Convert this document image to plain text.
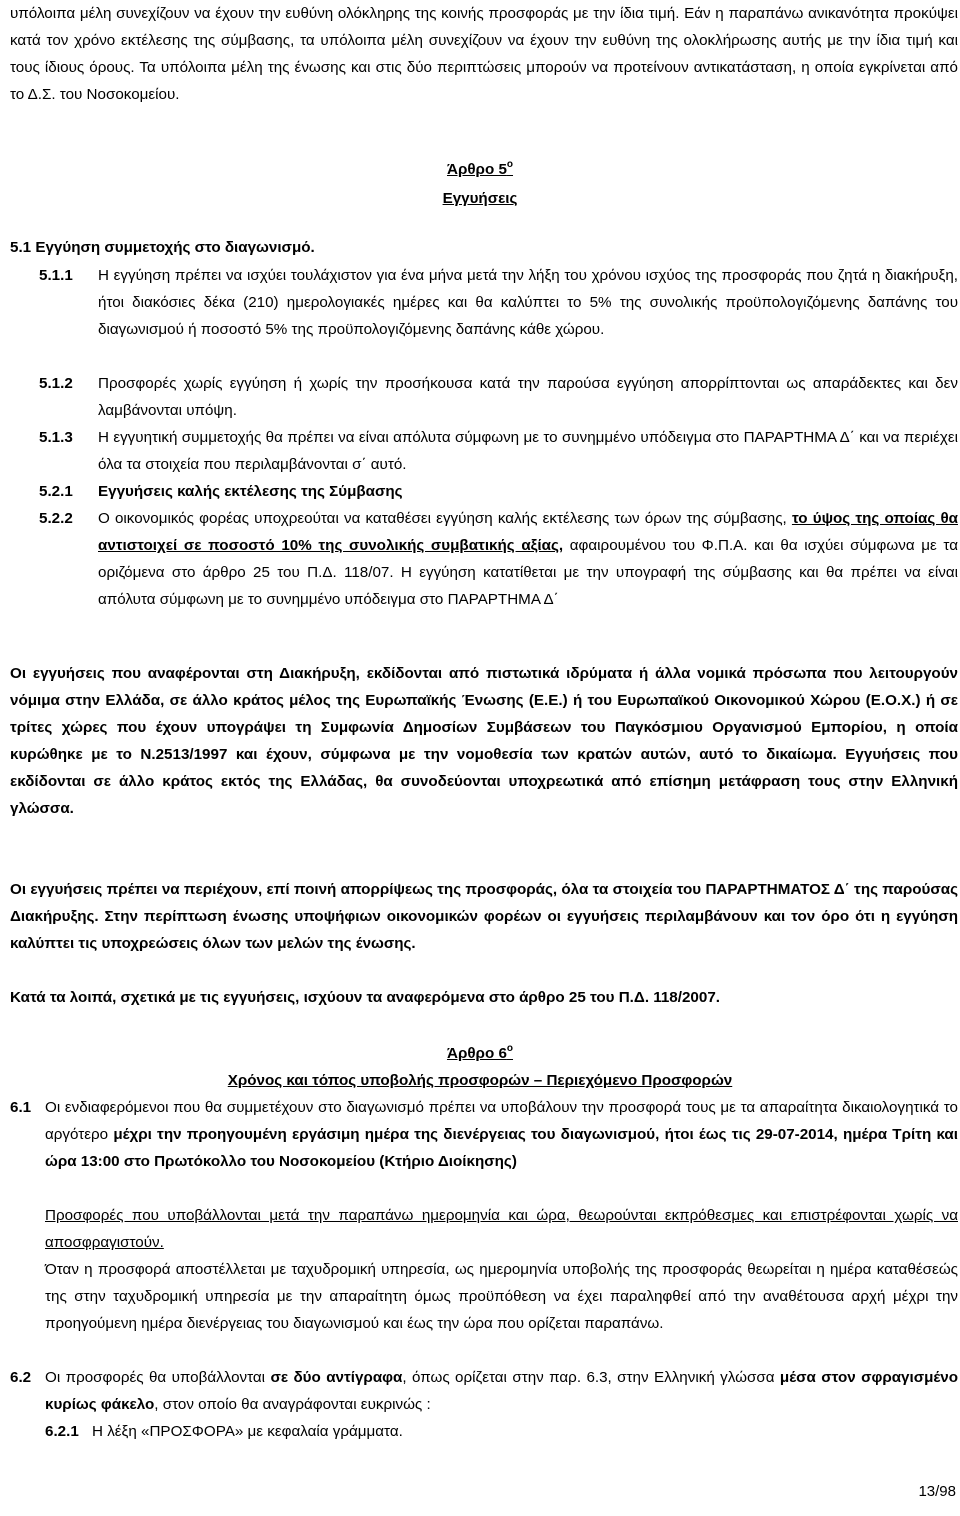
υπόλοιπα μέλη συνεχίζουν να έχουν την ευθύνη ολόκληρης της κοινής προσφοράς με την ίδια τιμή. Εάν η παραπάνω ανικανότητα προκύψει κατά τον χρόνο εκτέλεσης της σύμβασης, τα υπόλοιπα μέλη συνεχίζουν να έχουν την ευθύνη της ολοκλήρωσης αυτής με την ίδια τιμή και τους ίδιους όρους. Τα υπόλοιπα μέλη της ένωσης και στις δύο περιπτώσεις μπορούν να προτείνουν αντικατάσταση, η οποία εγκρίνεται από το Δ.Σ. του Νοσοκομείου.
Άρθρο $5^o$
Εγγυήσεις
5.1 Εγγύηση συμμετοχής στο διαγωνισμό.
5.1.1 Η εγγύηση πρέπει να ισχύει τουλάχιστον για ένα μήνα μετά την λήξη του χρόνου ισχύος της προσφοράς που ζητά η διακήρυξη, ήτοι διακόσιες δέκα (210) ημερολογιακές ημέρες και θα καλύπτει το 5% της συνολικής προϋπολογιζόμενης δαπάνης του διαγωνισμού ή ποσοστό 5% της προϋπολογιζόμενης δαπάνης κάθε χώρου.
5.1.2 Προσφορές χωρίς εγγύηση ή χωρίς την προσήκουσα κατά την παρούσα εγγύηση απορρίπτονται ως απαράδεκτες και δεν λαμβάνονται υπόψη.
5.1.3 Η εγγυητική συμμετοχής θα πρέπει να είναι απόλυτα σύμφωνη με το συνημμένο υπόδειγμα στο ΠΑΡΑΡΤΗΜΑ Δ΄ και να περιέχει όλα τα στοιχεία που περιλαμβάνονται σ΄ αυτό.
5.2.1 Εγγυήσεις καλής εκτέλεσης της Σύμβασης
5.2.2 Ο οικονομικός φορέας υποχρεούται να καταθέσει εγγύηση καλής εκτέλεσης των όρων της σύμβασης, το ύψος της οποίας θα αντιστοιχεί σε ποσοστό 10% της συνολικής συμβατικής αξίας, αφαιρουμένου του Φ.Π.Α. και θα ισχύει σύμφωνα με τα οριζόμενα στο άρθρο 25 του Π.Δ. 118/07. Η εγγύηση κατατίθεται με την υπογραφή της σύμβασης και θα πρέπει να είναι απόλυτα σύμφωνη με το συνημμένο υπόδειγμα στο ΠΑΡΑΡΤΗΜΑ Δ΄
Οι εγγυήσεις που αναφέρονται στη Διακήρυξη, εκδίδονται από πιστωτικά ιδρύματα ή άλλα νομικά πρόσωπα που λειτουργούν νόμιμα στην Ελλάδα, σε άλλο κράτος μέλος της Ευρωπαϊκής Ένωσης (Ε.Ε.) ή του Ευρωπαϊκού Οικονομικού Χώρου (Ε.Ο.Χ.) ή σε τρίτες χώρες που έχουν υπογράψει τη Συμφωνία Δημοσίων Συμβάσεων του Παγκόσμιου Οργανισμού Εμπορίου, η οποία κυρώθηκε με το Ν.2513/1997 και έχουν, σύμφωνα με την νομοθεσία των κρατών αυτών, αυτό το δικαίωμα. Εγγυήσεις που εκδίδονται σε άλλο κράτος εκτός της Ελλάδας, θα συνοδεύονται υποχρεωτικά από επίσημη μετάφραση τους στην Ελληνική γλώσσα.
Οι εγγυήσεις πρέπει να περιέχουν, επί ποινή απορρίψεως της προσφοράς, όλα τα στοιχεία του ΠΑΡΑΡΤΗΜΑΤΟΣ Δ΄ της παρούσας Διακήρυξης. Στην περίπτωση ένωσης υποψήφιων οικονομικών φορέων οι εγγυήσεις περιλαμβάνουν και τον όρο ότι η εγγύηση καλύπτει τις υποχρεώσεις όλων των μελών της ένωσης.
Κατά τα λοιπά, σχετικά με τις εγγυήσεις, ισχύουν τα αναφερόμενα στο άρθρο 25 του Π.Δ. 118/2007.
Άρθρο $6^o$
Χρόνος και τόπος υποβολής προσφορών – Περιεχόμενο Προσφορών
6.1 Οι ενδιαφερόμενοι που θα συμμετέχουν στο διαγωνισμό πρέπει να υποβάλουν την προσφορά τους με τα απαραίτητα δικαιολογητικά το αργότερο μέχρι την προηγουμένη εργάσιμη ημέρα της διενέργειας του διαγωνισμού, ήτοι έως τις 29-07-2014, ημέρα Τρίτη και ώρα 13:00 στο Πρωτόκολλο του Νοσοκομείου (Κτήριο Διοίκησης)
Προσφορές που υποβάλλονται μετά την παραπάνω ημερομηνία και ώρα, θεωρούνται εκπρόθεσμες και επιστρέφονται χωρίς να αποσφραγιστούν.
Όταν η προσφορά αποστέλλεται με ταχυδρομική υπηρεσία, ως ημερομηνία υποβολής της προσφοράς θεωρείται η ημέρα καταθέσεώς της στην ταχυδρομική υπηρεσία με την απαραίτητη όμως προϋπόθεση να έχει παραληφθεί από την αναθέτουσα αρχή μέχρι την προηγούμενη ημέρα διενέργειας του διαγωνισμού και έως την ώρα που ορίζεται παραπάνω.
6.2 Οι προσφορές θα υποβάλλονται σε δύο αντίγραφα, όπως ορίζεται στην παρ. 6.3, στην Ελληνική γλώσσα μέσα στον σφραγισμένο κυρίως φάκελο, στον οποίο θα αναγράφονται ευκρινώς :
6.2.1 Η λέξη «ΠΡΟΣΦΟΡΑ» με κεφαλαία γράμματα.
13/98
